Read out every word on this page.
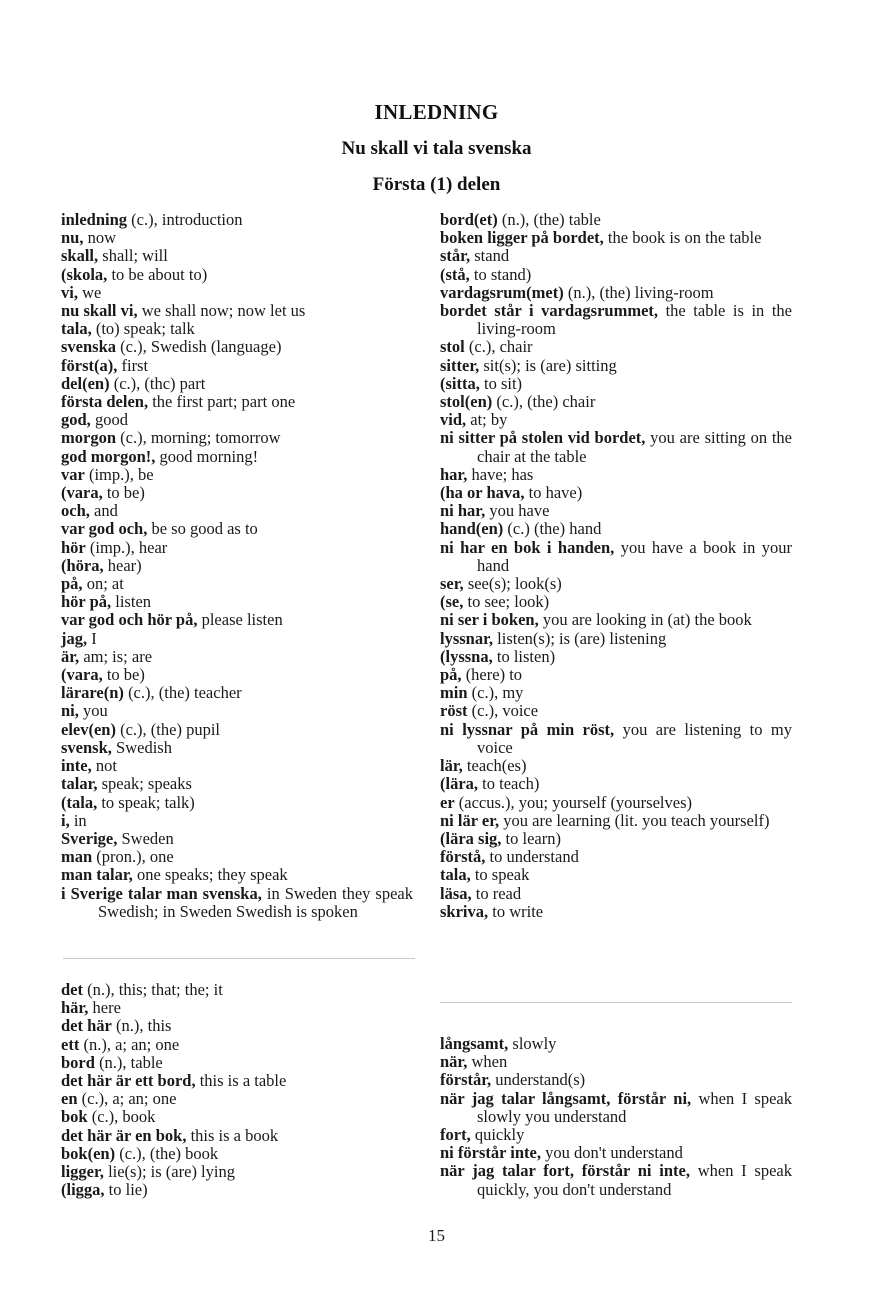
INLEDNING
Nu skall vi tala svenska
Första (1) delen

inledning (c.), introduction

nu, now

skall, shall; will

(skola, to be about to)

vi, we

nu skall vi, we shall now; now let us

tala, (to) speak; talk

svenska (c.), Swedish (language)

först(a), first

del(en) (c.), (thc) part

första delen, the first part; part one

god, good

morgon (c.), morning; tomorrow

god morgon!, good morning!

var (imp.), be

(vara, to be)

och, and

var god och, be so good as to

hör (imp.), hear

(höra, hear)

på, on; at

hör på, listen

var god och hör på, please listen

jag, I

är, am; is; are

(vara, to be)

lärare(n) (c.), (the) teacher

ni, you

elev(en) (c.), (the) pupil

svensk, Swedish

inte, not

talar, speak; speaks

(tala, to speak; talk)

i, in

Sverige, Sweden

man (pron.), one

man talar, one speaks; they speak

i Sverige talar man svenska, in Sweden they speak Swedish; in Sweden Swedish is spoken

det (n.), this; that; the; it

här, here

det här (n.), this

ett (n.), a; an; one

bord (n.), table

det här är ett bord, this is a table

en (c.), a; an; one

bok (c.), book

det här är en bok, this is a book

bok(en) (c.), (the) book

ligger, lie(s); is (are) lying

(ligga, to lie)

bord(et) (n.), (the) table

boken ligger på bordet, the book is on the table

står, stand

(stå, to stand)

vardagsrum(met) (n.), (the) living-room

bordet står i vardagsrummet, the table is in the living-room

stol (c.), chair

sitter, sit(s); is (are) sitting

(sitta, to sit)

stol(en) (c.), (the) chair

vid, at; by

ni sitter på stolen vid bordet, you are sitting on the chair at the table

har, have; has

(ha or hava, to have)

ni har, you have

hand(en) (c.) (the) hand

ni har en bok i handen, you have a book in your hand

ser, see(s); look(s)

(se, to see; look)

ni ser i boken, you are looking in (at) the book

lyssnar, listen(s); is (are) listening

(lyssna, to listen)

på, (here) to

min (c.), my

röst (c.), voice

ni lyssnar på min röst, you are listening to my voice

lär, teach(es)

(lära, to teach)

er (accus.), you; yourself (yourselves)

ni lär er, you are learning (lit. you teach yourself)

(lära sig, to learn)

förstå, to understand

tala, to speak

läsa, to read

skriva, to write

långsamt, slowly

när, when

förstår, understand(s)

när jag talar långsamt, förstår ni, when I speak slowly you understand

fort, quickly

ni förstår inte, you don't understand

när jag talar fort, förstår ni inte, when I speak quickly, you don't understand

15
